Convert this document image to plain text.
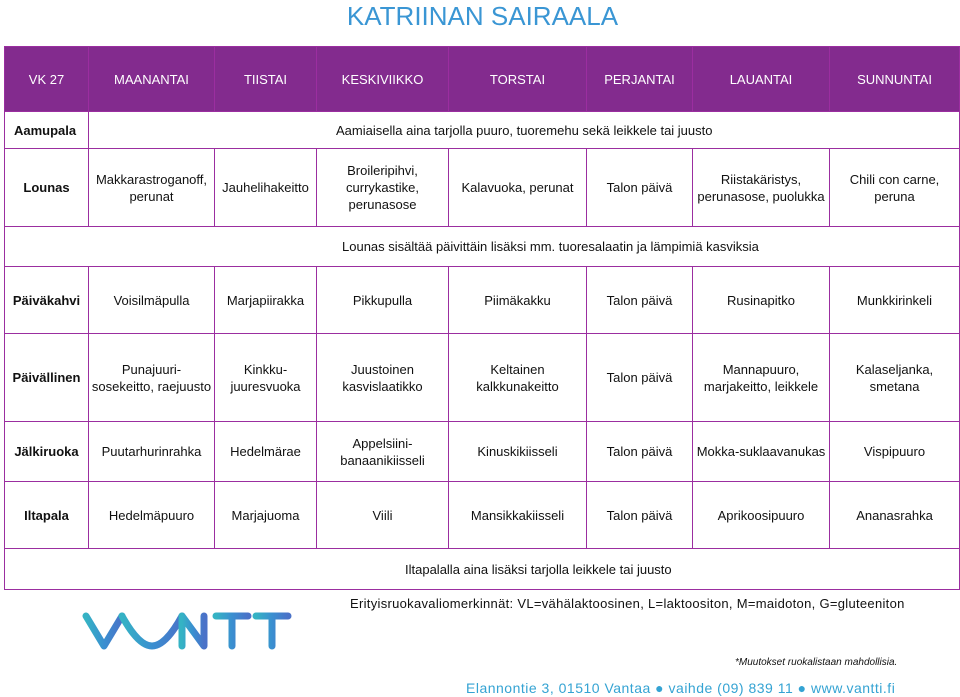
KATRIINAN SAIRAALA
VK 27	MAANANTAI	TIISTAI	KESKIVIIKKO	TORSTAI	PERJANTAI	LAUANTAI	SUNNUNTAI
Aamupala	Aamiaisella aina tarjolla puuro, tuoremehu sekä leikkele tai juusto						
Lounas	Makkarastroganoff, perunat	Jauhelihakeitto	Broileripihvi, currykastike, perunasose	Kalavuoka, perunat	Talon päivä	Riistakäristys, perunasose, puolukka	Chili con carne, peruna
Lounas sisältää päivittäin lisäksi mm. tuoresalaatin ja lämpimiä kasviksia							
Päiväkahvi	Voisilmäpulla	Marjapiirakka	Pikkupulla	Piimäkakku	Talon päivä	Rusinapitko	Munkkirinkeli
Päivällinen	Punajuuri-sosekeitto, raejuusto	Kinkku-juuresvuoka	Juustoinen kasvislaatikko	Keltainen kalkkunakeitto	Talon päivä	Mannapuuro, marjakeitto, leikkele	Kalaseljanka, smetana
Jälkiruoka	Puutarhurinrahka	Hedelmärae	Appelsiini-banaanikiisseli	Kinuskikiisseli	Talon päivä	Mokka-suklaavanukas	Vispipuuro
Iltapala	Hedelmäpuuro	Marjajuoma	Viili	Mansikkakiisseli	Talon päivä	Aprikoosipuuro	Ananasrahka
Iltapalalla aina lisäksi tarjolla leikkele tai juusto							
Erityisruokavaliomerkinnät: VL=vähälaktoosinen, L=laktoositon, M=maidoton, G=gluteeniton
*Muutokset ruokalistaan mahdollisia.
Elannontie 3, 01510 Vantaa ● vaihde (09) 839 11 ● www.vantti.fi
